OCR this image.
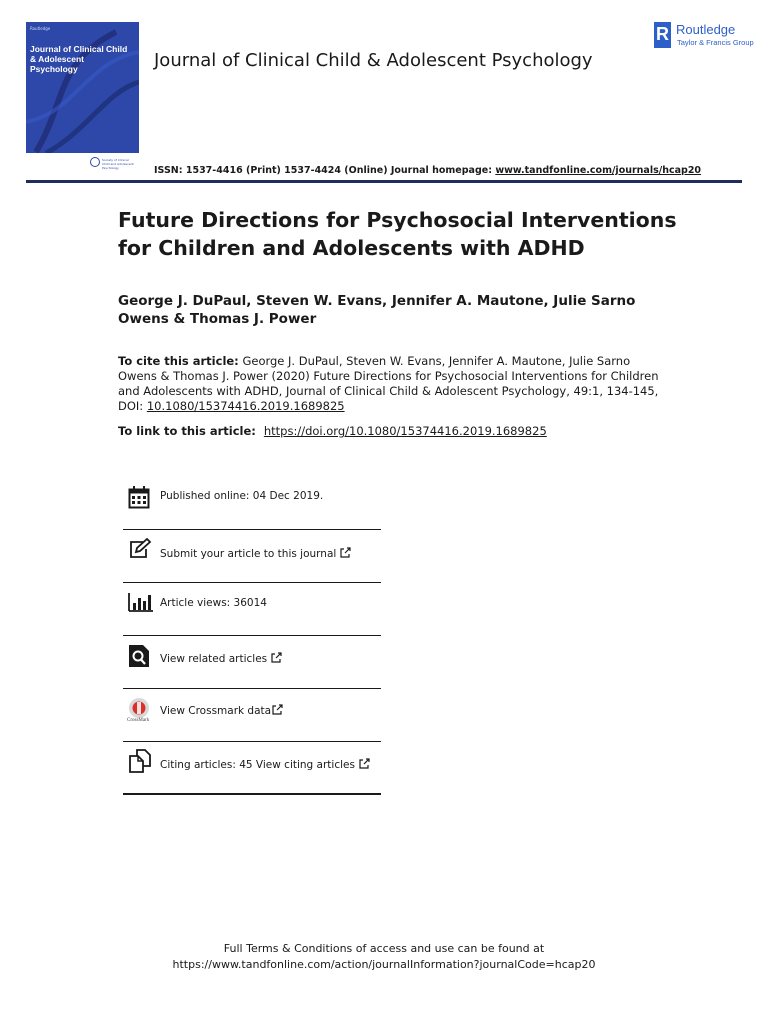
Routledge
Journal of Clinical Child & Adolescent Psychology
Society of Clinical Child and Adolescent Psychology
Journal of Clinical Child & Adolescent Psychology
R Routledge
Taylor & Francis Group
ISSN: 1537-4416 (Print) 1537-4424 (Online) Journal homepage: www.tandfonline.com/journals/hcap20
Future Directions for Psychosocial Interventions for Children and Adolescents with ADHD
George J. DuPaul, Steven W. Evans, Jennifer A. Mautone, Julie Sarno Owens & Thomas J. Power
To cite this article: George J. DuPaul, Steven W. Evans, Jennifer A. Mautone, Julie Sarno Owens & Thomas J. Power (2020) Future Directions for Psychosocial Interventions for Children and Adolescents with ADHD, Journal of Clinical Child & Adolescent Psychology, 49:1, 134-145, DOI: 10.1080/15374416.2019.1689825
To link to this article: https://doi.org/10.1080/15374416.2019.1689825
Published online: 04 Dec 2019.
Submit your article to this journal
Article views: 36014
View related articles
CrossMark
View Crossmark data
Citing articles: 45 View citing articles
Full Terms & Conditions of access and use can be found at
https://www.tandfonline.com/action/journalInformation?journalCode=hcap20
